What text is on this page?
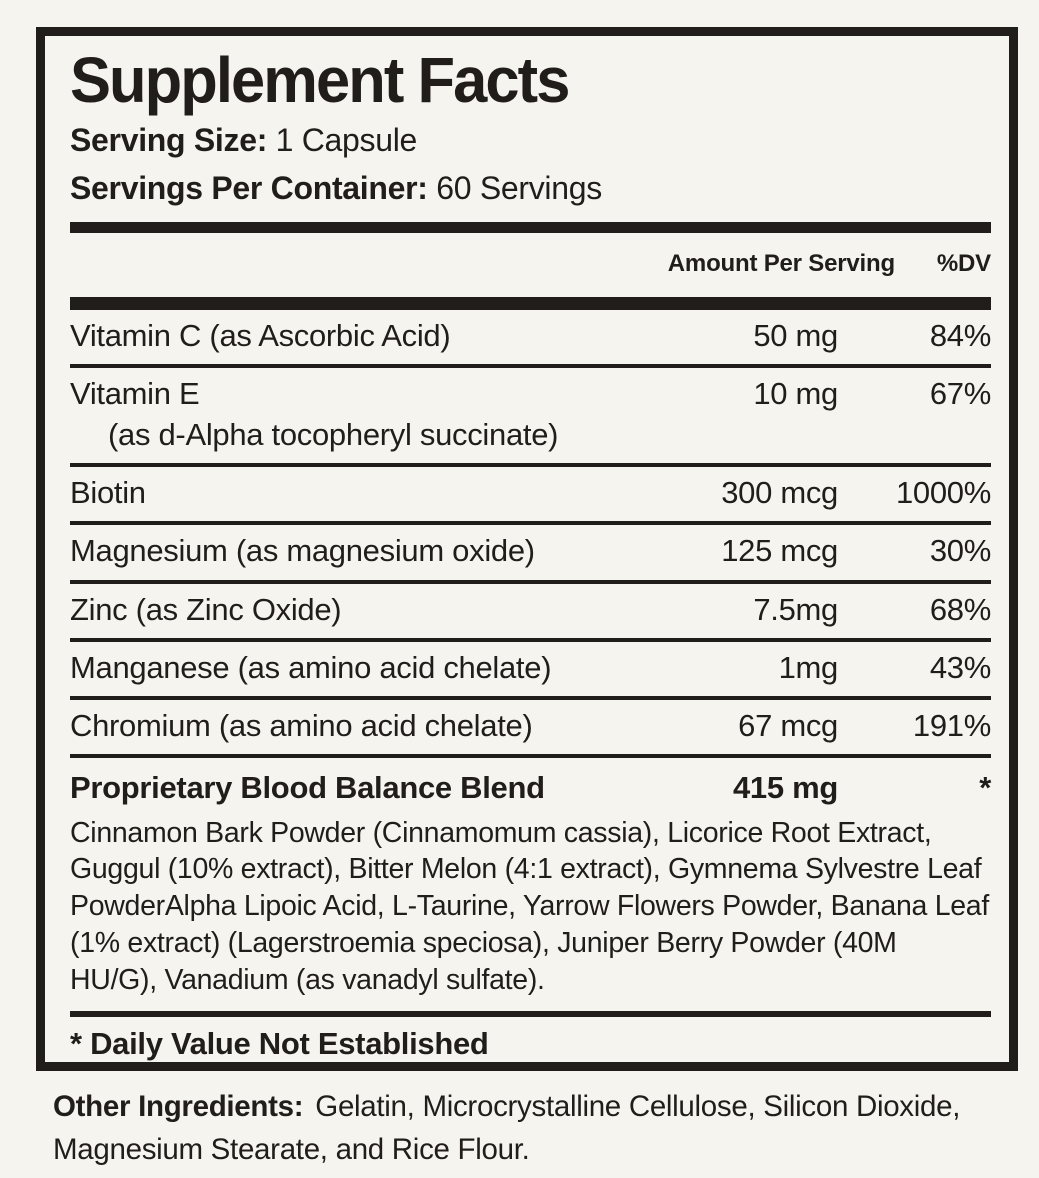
Supplement Facts
Serving Size: 1 Capsule
Servings Per Container: 60 Servings
Amount Per Serving %DV
Vitamin C (as Ascorbic Acid)	50 mg	84%
Vitamin E
(as d-Alpha tocopheryl succinate)
10 mg	67%
Biotin	300 mcg	1000%
Magnesium (as magnesium oxide)	125 mcg	30%
Zinc (as Zinc Oxide)	7.5mg	68%
Manganese (as amino acid chelate)	1mg	43%
Chromium (as amino acid chelate)	67 mcg	191%
Proprietary Blood Balance Blend	415 mg	*
Cinnamon Bark Powder (Cinnamomum cassia), Licorice Root Extract, Guggul (10% extract), Bitter Melon (4:1 extract), Gymnema Sylvestre Leaf PowderAlpha Lipoic Acid, L-Taurine, Yarrow Flowers Powder, Banana Leaf (1% extract) (Lagerstroemia speciosa), Juniper Berry Powder (40M HU/G), Vanadium (as vanadyl sulfate).
* Daily Value Not Established
Other Ingredients: Gelatin, Microcrystalline Cellulose, Silicon Dioxide, Magnesium Stearate, and Rice Flour.
